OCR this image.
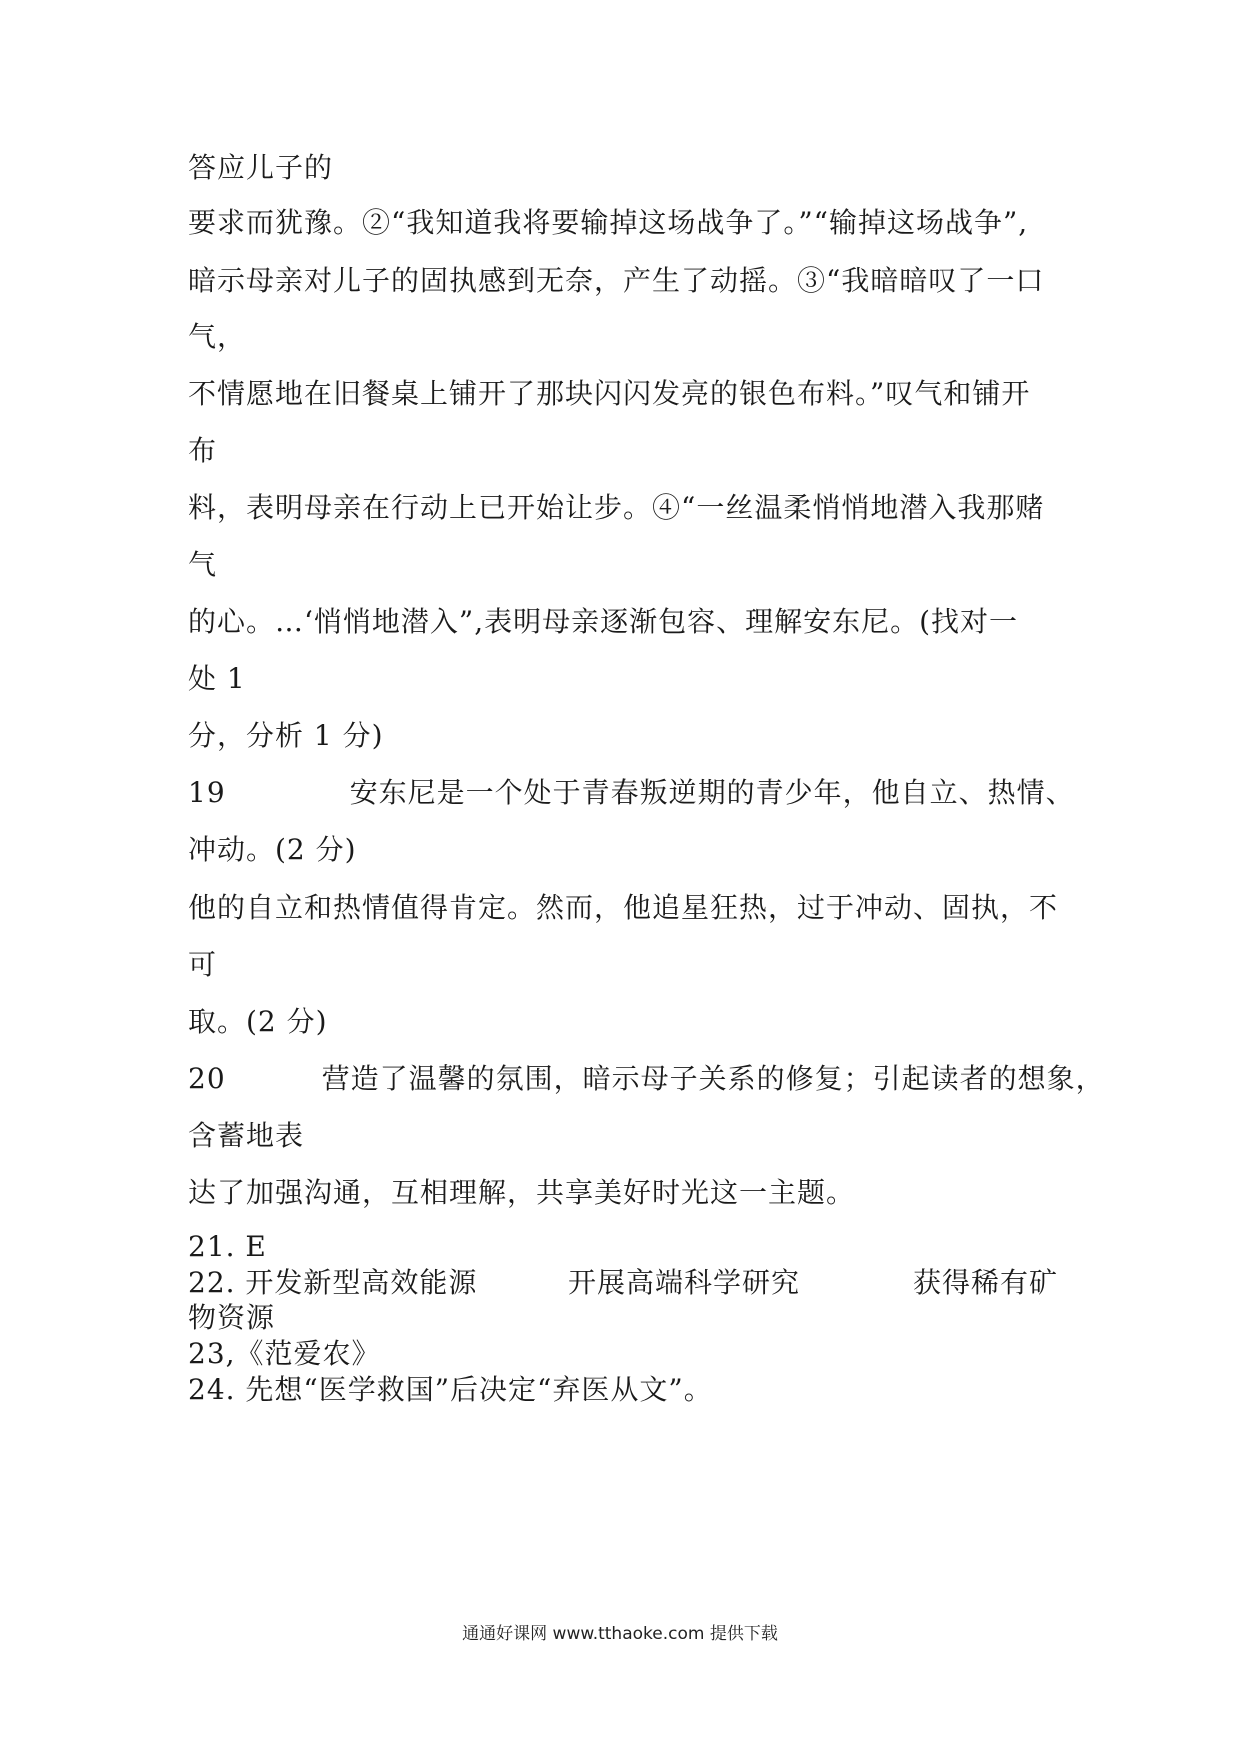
答应儿子的
要求而犹豫。②“我知道我将要输掉这场战争了。”“输掉这场战争”,
暗示母亲对儿子的固执感到无奈，产生了动摇。③“我暗暗叹了一口
气，
不情愿地在旧餐桌上铺开了那块闪闪发亮的银色布料。”叹气和铺开
布
料，表明母亲在行动上已开始让步。④“一丝温柔悄悄地潜入我那赌
气
的心。…‘悄悄地潜入”,表明母亲逐渐包容、理解安东尼。(找对一
处 1
分，分析 1 分)
19	安东尼是一个处于青春叛逆期的青少年，他自立、热情、
冲动。(2 分)
他的自立和热情值得肯定。然而，他追星狂热，过于冲动、固执，不
可
取。(2 分)
20	营造了温馨的氛围，暗示母子关系的修复；引起读者的想象，
含蓄地表
达了加强沟通，互相理解，共享美好时光这一主题。
21. E
22. 开发新型高效能源	开展高端科学研究	获得稀有矿
物资源
23,《范爱农》
24. 先想“医学救国”后决定“弃医从文”。
通通好课网 www.tthaoke.com 提供下载
